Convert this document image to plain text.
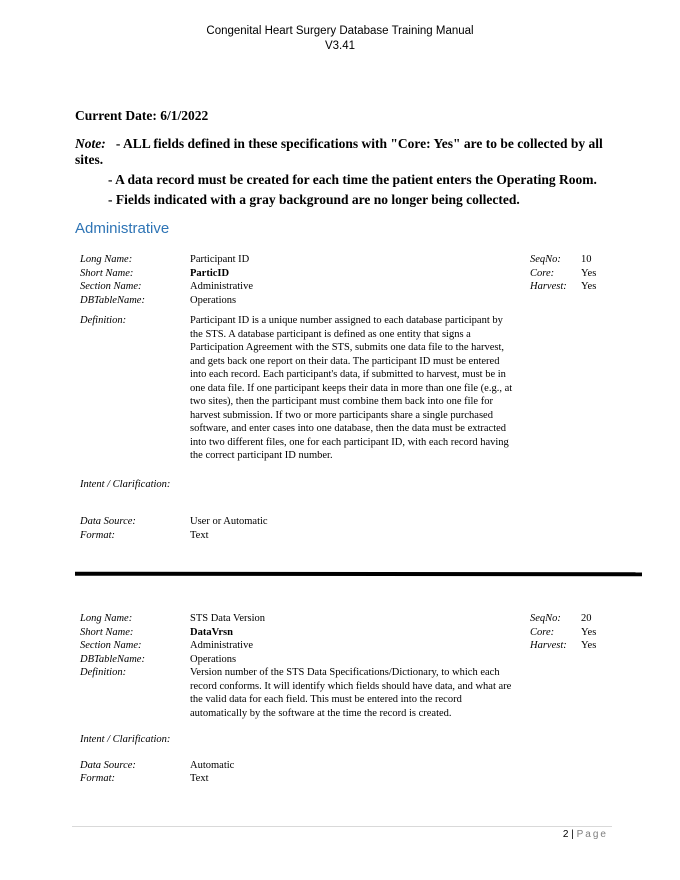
Congenital Heart Surgery Database Training Manual
V3.41
Current Date: 6/1/2022
Note: - ALL fields defined in these specifications with "Core: Yes" are to be collected by all sites.
- A data record must be created for each time the patient enters the Operating Room.
- Fields indicated with a gray background are no longer being collected.
Administrative
Long Name:	Participant ID
Short Name:	ParticID
Section Name:	Administrative
DBTableName:	Operations
Definition:	Participant ID is a unique number assigned to each database participant by the STS. A database participant is defined as one entity that signs a Participation Agreement with the STS, submits one data file to the harvest, and gets back one report on their data. The participant ID must be entered into each record. Each participant's data, if submitted to harvest, must be in one data file. If one participant keeps their data in more than one file (e.g., at two sites), then the participant must combine them back into one file for harvest submission. If two or more participants share a single purchased software, and enter cases into one database, then the data must be extracted into two different files, one for each participant ID, with each record having the correct participant ID number.
Intent / Clarification:
Data Source:	User or Automatic
Format:	Text
SeqNo:	10
Core:	Yes
Harvest:	Yes
Long Name:	STS Data Version
Short Name:	DataVrsn
Section Name:	Administrative
DBTableName:	Operations
Definition:	Version number of the STS Data Specifications/Dictionary, to which each record conforms. It will identify which fields should have data, and what are the valid data for each field. This must be entered into the record automatically by the software at the time the record is created.
Intent / Clarification:
Data Source:	Automatic
Format:	Text
SeqNo:	20
Core:	Yes
Harvest:	Yes
2 | Page
